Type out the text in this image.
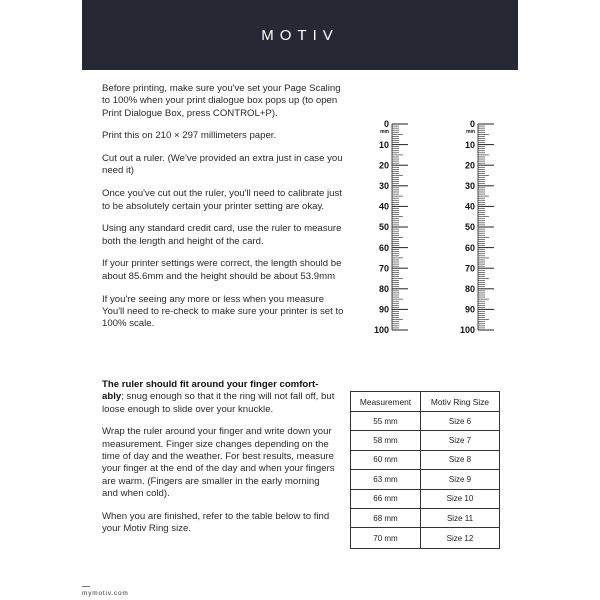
MOTIV

Before printing, make sure you've set your Page Scaling to 100% when your print dialogue box pops up (to open Print Dialogue Box, press CONTROL+P).

Print this on 210 × 297 millimeters paper.

Cut out a ruler. (We've provided an extra just in case you need it)

Once you've cut out the ruler, you'll need to calibrate just to be absolutely certain your printer setting are okay.

Using any standard credit card, use the ruler to measure both the length and height of the card.

If your printer settings were correct, the length should be about 85.6mm and the height should be about 53.9mm

If you're seeing any more or less when you measure You'll need to re-check to make sure your printer is set to 100% scale.

0
10
20
30
40
50
60
70
80
90
100
mm
0
10
20
30
40
50
60
70
80
90
100
mm

The ruler should fit around your finger comfort-ably; snug enough so that it the ring will not fall off, but loose enough to slide over your knuckle.

Wrap the ruler around your finger and write down your measurement. Finger size changes depending on the time of day and the weather. For best results, measure your finger at the end of the day and when your fingers are warm. (Fingers are smaller in the early morning and when cold).

When you are finished, refer to the table below to find your Motiv Ring size.

Measurement	Motiv Ring Size
55 mm	Size 6
58 mm	Size 7
60 mm	Size 8
63 mm	Size 9
66 mm	Size 10
68 mm	Size 11
70 mm	Size 12
mymotiv.com
